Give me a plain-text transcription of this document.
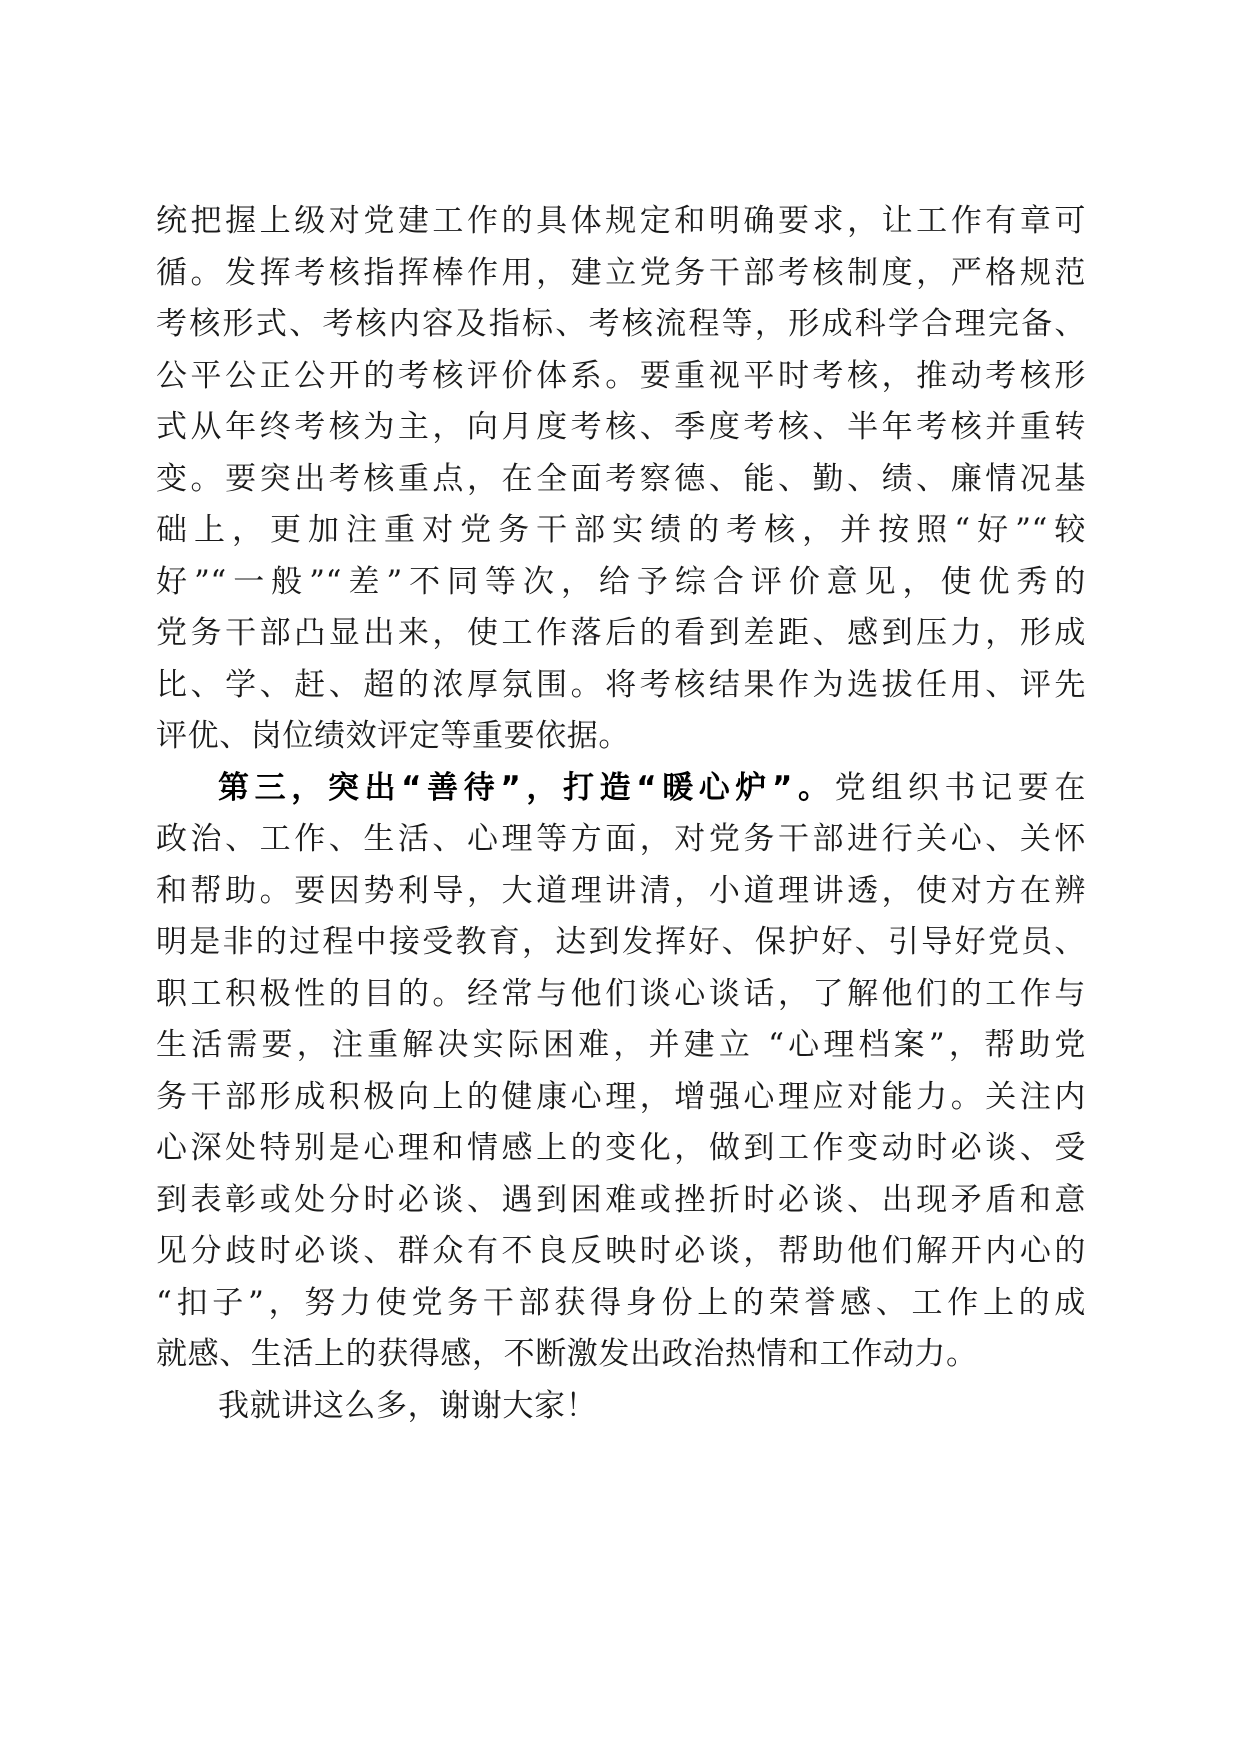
统把握上级对党建工作的具体规定和明确要求，让工作有章可
循。发挥考核指挥棒作用，建立党务干部考核制度，严格规范
考核形式、考核内容及指标、考核流程等，形成科学合理完备、
公平公正公开的考核评价体系。要重视平时考核，推动考核形
式从年终考核为主，向月度考核、季度考核、半年考核并重转
变。要突出考核重点，在全面考察德、能、勤、绩、廉情况基
础上，更加注重对党务干部实绩的考核，并按照“好”“较
好”“一般”“差”不同等次，给予综合评价意见，使优秀的
党务干部凸显出来，使工作落后的看到差距、感到压力，形成
比、学、赶、超的浓厚氛围。将考核结果作为选拔任用、评先
评优、岗位绩效评定等重要依据。
第三，突出“善待”，打造“暖心炉”。党组织书记要在
政治、工作、生活、心理等方面，对党务干部进行关心、关怀
和帮助。要因势利导，大道理讲清，小道理讲透，使对方在辨
明是非的过程中接受教育，达到发挥好、保护好、引导好党员、
职工积极性的目的。经常与他们谈心谈话，了解他们的工作与
生活需要，注重解决实际困难，并建立 “心理档案”，帮助党
务干部形成积极向上的健康心理，增强心理应对能力。关注内
心深处特别是心理和情感上的变化，做到工作变动时必谈、受
到表彰或处分时必谈、遇到困难或挫折时必谈、出现矛盾和意
见分歧时必谈、群众有不良反映时必谈，帮助他们解开内心的
“扣子”，努力使党务干部获得身份上的荣誉感、工作上的成
就感、生活上的获得感，不断激发出政治热情和工作动力。
我就讲这么多，谢谢大家！
